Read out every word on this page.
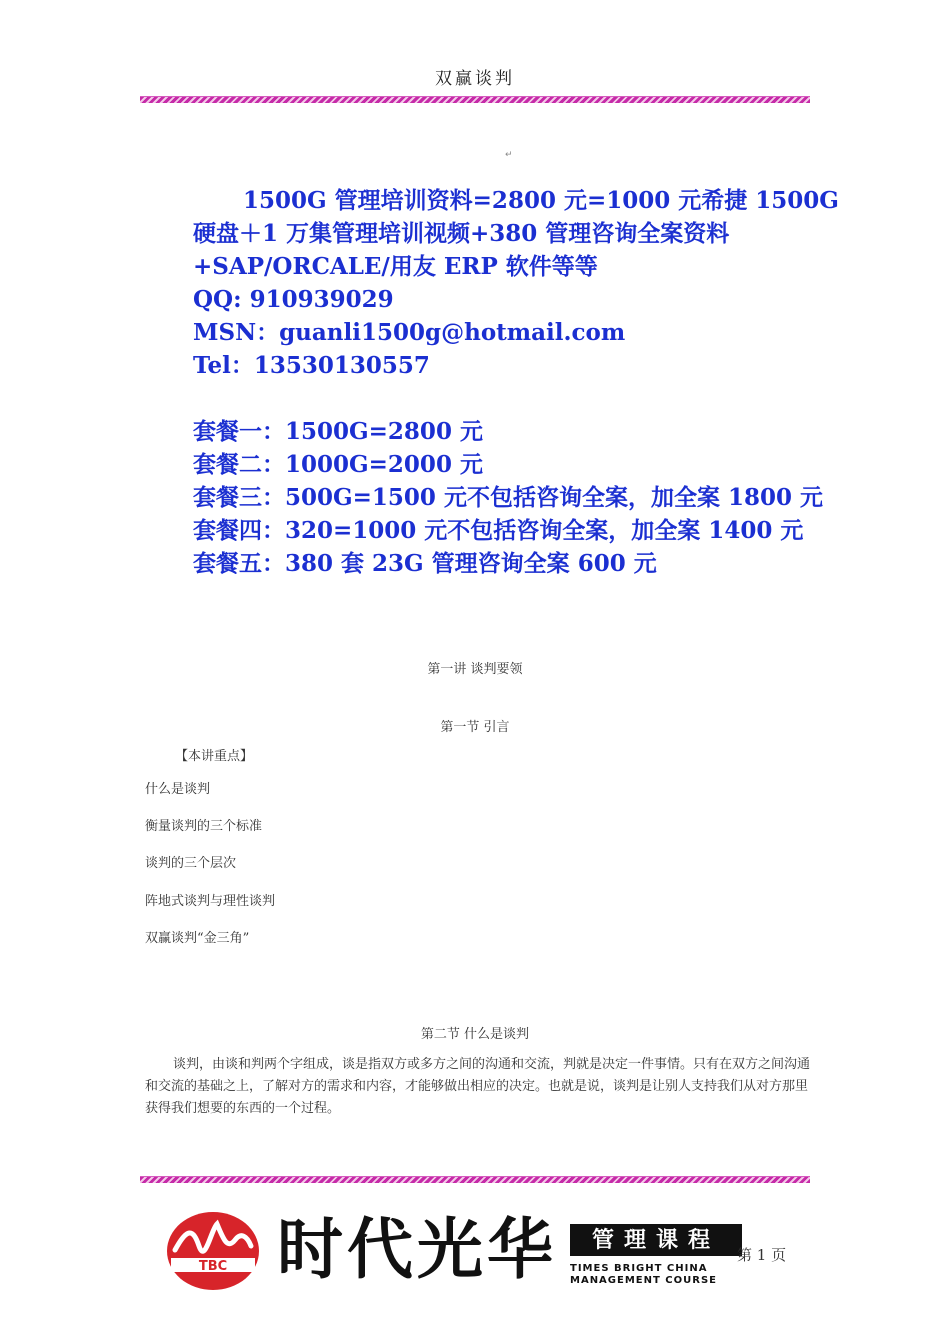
双赢谈判
↵
1500G 管理培训资料=2800 元=1000 元希捷 1500G
硬盘＋1 万集管理培训视频+380 管理咨询全案资料
+SAP/ORCALE/用友 ERP 软件等等
QQ: 910939029
MSN：guanli1500g@hotmail.com
Tel：13530130557
套餐一：1500G=2800 元
套餐二：1000G=2000 元
套餐三：500G=1500 元不包括咨询全案，加全案 1800 元
套餐四：320=1000 元不包括咨询全案，加全案 1400 元
套餐五：380 套 23G 管理咨询全案 600 元
第一讲 谈判要领
第一节 引言
【本讲重点】
什么是谈判
衡量谈判的三个标准
谈判的三个层次
阵地式谈判与理性谈判
双赢谈判“金三角”
第二节 什么是谈判
谈判，由谈和判两个字组成，谈是指双方或多方之间的沟通和交流，判就是决定一件事情。只有在双方之间沟通和交流的基础之上，了解对方的需求和内容，才能够做出相应的决定。也就是说，谈判是让别人支持我们从对方那里获得我们想要的东西的一个过程。
TBC 时代光华	管理课程
TIMES BRIGHT CHINA
MANAGEMENT COURSE
第 1 页
